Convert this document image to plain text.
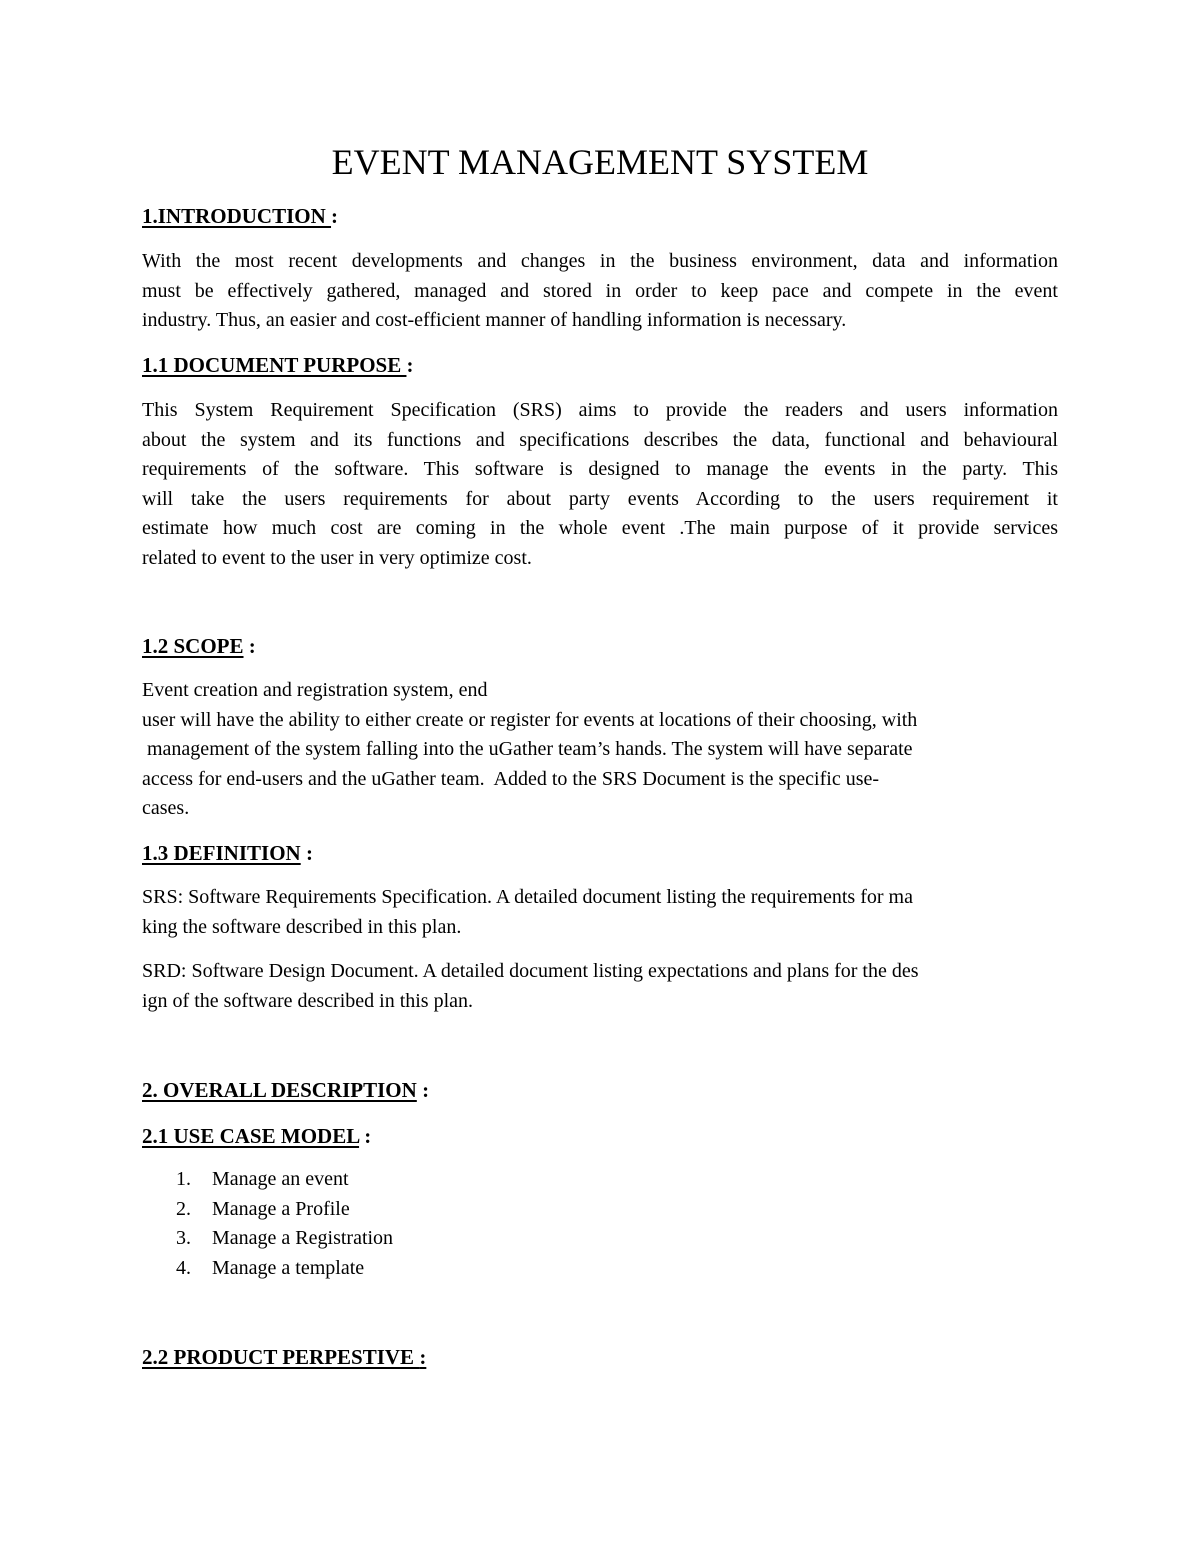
EVENT MANAGEMENT SYSTEM
1.INTRODUCTION :
With the most recent developments and changes in the business environment, data and information
must be effectively gathered, managed and stored in order to keep pace and compete in the event
industry. Thus, an easier and cost-efficient manner of handling information is necessary.
1.1 DOCUMENT PURPOSE :
This System Requirement Specification (SRS) aims to provide the readers and users information
about the system and its functions and specifications describes the data, functional and behavioural
requirements of the software. This software is designed to manage the events in the party. This
will take the users requirements for about party events According to the users requirement it
estimate how much cost are coming in the whole event .The main purpose of it provide services
related to event to the user in very optimize cost.
1.2 SCOPE :
Event creation and registration system, end
user will have the ability to either create or register for events at locations of their choosing, with
management of the system falling into the uGather team’s hands. The system will have separate
access for end-users and the uGather team.  Added to the SRS Document is the specific use-
cases.
1.3 DEFINITION :
SRS: Software Requirements Specification. A detailed document listing the requirements for ma
king the software described in this plan.
SRD: Software Design Document. A detailed document listing expectations and plans for the des
ign of the software described in this plan.
2. OVERALL DESCRIPTION :
2.1 USE CASE MODEL :
1. Manage an event
2. Manage a Profile
3. Manage a Registration
4. Manage a template
2.2 PRODUCT PERPESTIVE :
